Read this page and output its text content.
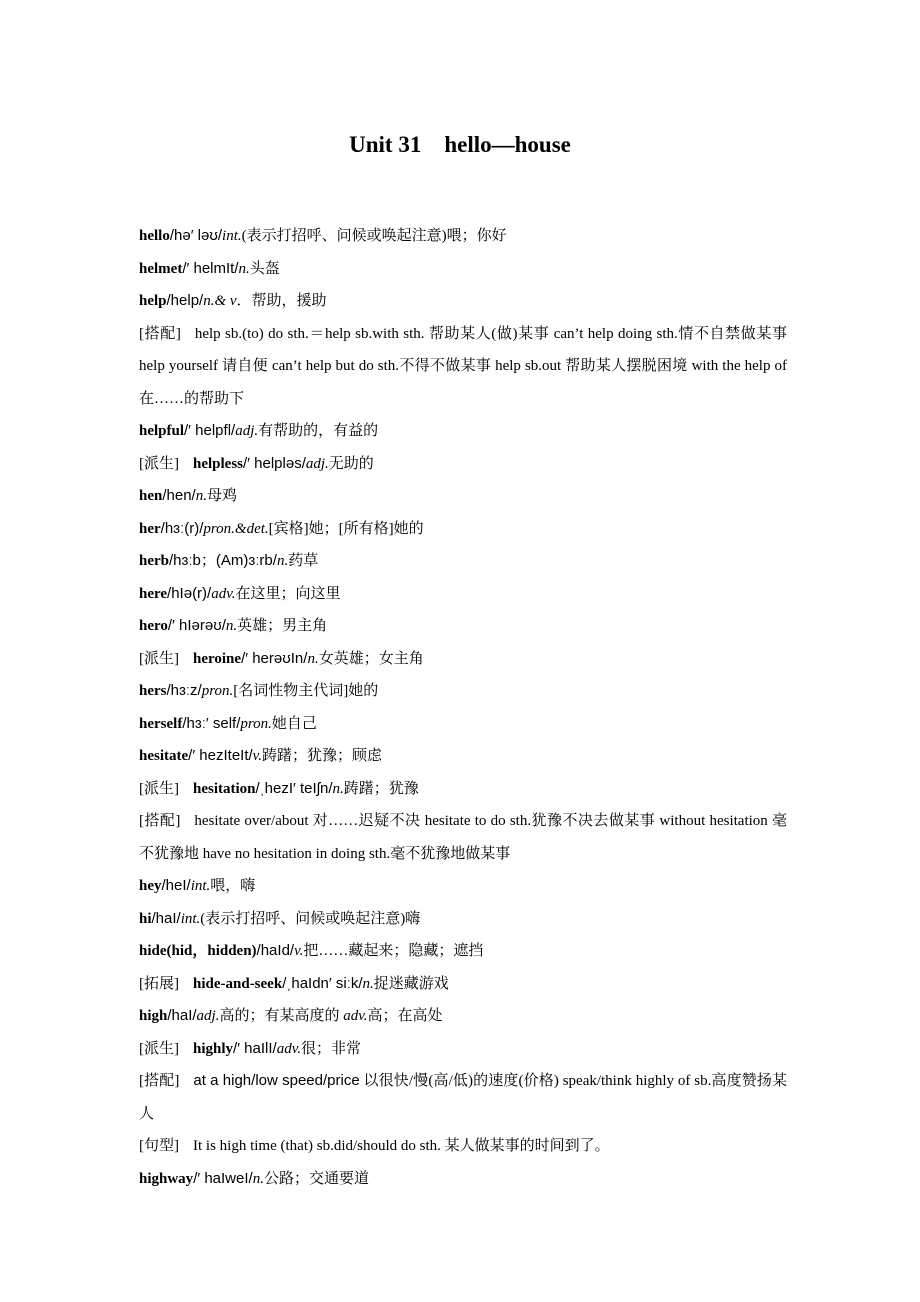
Unit 31    hello—house
hello/hə′ ləʊ/int.(表示打招呼、问候或唤起注意)喂；你好
helmet/′ helmIt/n.头盔
help/help/n.& v．帮助，援助
[搭配] help sb.(to) do sth.＝help sb.with sth. 帮助某人(做)某事 can’t help doing sth.情不自禁做某事 help yourself 请自便 can’t help but do sth.不得不做某事 help sb.out 帮助某人摆脱困境 with the help of 在……的帮助下
helpful/′ helpfl/adj.有帮助的，有益的
[派生] helpless/′ helpləs/adj.无助的
hen/hen/n.母鸡
her/hɜː(r)/pron.&det.[宾格]她；[所有格]她的
herb/hɜːb；(Am)ɜːrb/n.药草
here/hIə(r)/adv.在这里；向这里
hero/′ hIərəʊ/n.英雄；男主角
[派生] heroine/′ herəʊIn/n.女英雄；女主角
hers/hɜːz/pron.[名词性物主代词]她的
herself/hɜː′ self/pron.她自己
hesitate/′ hezIteIt/v.踌躇；犹豫；顾虑
[派生] hesitation/ˌhezI′ teIʃn/n.踌躇；犹豫
[搭配] hesitate over/about 对……迟疑不决 hesitate to do sth.犹豫不决去做某事 without hesitation 毫不犹豫地 have no hesitation in doing sth.毫不犹豫地做某事
hey/heI/int.喂，嗨
hi/haI/int.(表示打招呼、问候或唤起注意)嗨
hide(hid，hidden)/haId/v.把……藏起来；隐藏；遮挡
[拓展] hide-and-seek/ˌhaIdn′ siːk/n.捉迷藏游戏
high/haI/adj.高的；有某高度的 adv.高；在高处
[派生] highly/′ haIlI/adv.很；非常
[搭配] at a high/low speed/price 以很快/慢(高/低)的速度(价格) speak/think highly of sb.高度赞扬某人
[句型] It is high time (that) sb.did/should do sth. 某人做某事的时间到了。
highway/′ haIweI/n.公路；交通要道
